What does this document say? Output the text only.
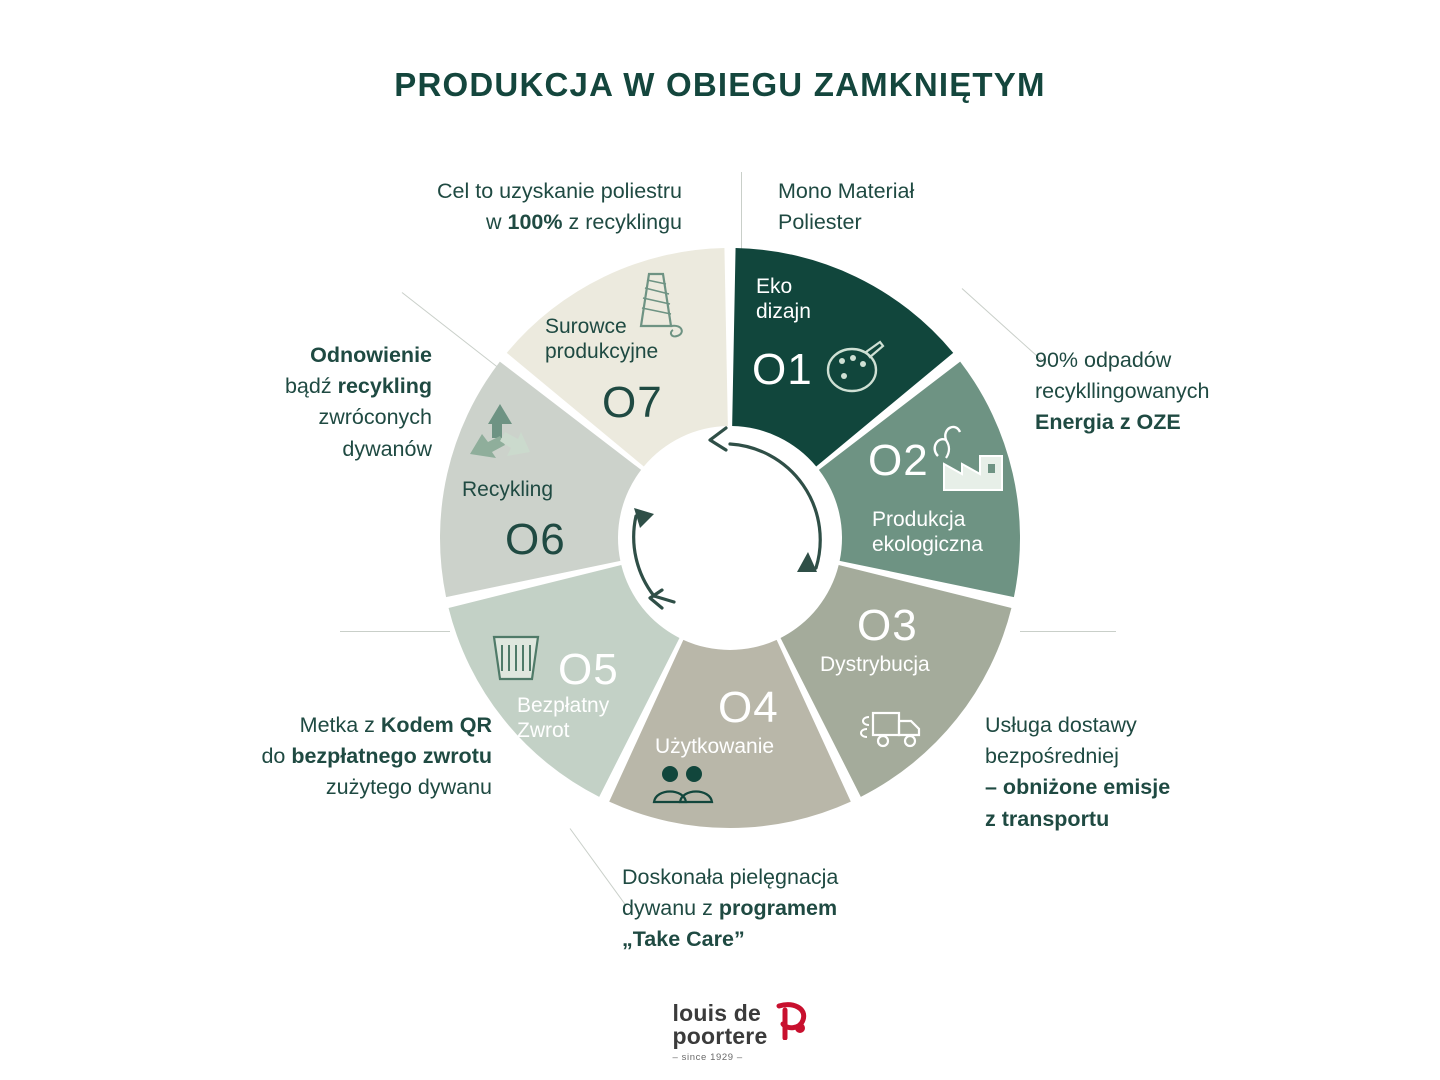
PRODUKCJA W OBIEGU ZAMKNIĘTYM
Eko
dizajn
O1
Produkcja
ekologiczna
O2
Dystrybucja
O3
Użytkowanie
O4
Bezpłatny
Zwrot
O5
Recykling
O6
Surowce
produkcyjne
O7
Mono Materiał
Poliester
90% odpadów
recykllingowanych
Energia z OZE
Usługa dostawy
bezpośredniej
– obniżone emisje
z transportu
Doskonała pielęgnacja
dywanu z programem
„Take Care”
Metka z Kodem QR
do bezpłatnego zwrotu
zużytego dywanu
Odnowienie
bądź recykling
zwróconych
dywanów
Cel to uzyskanie poliestru
w 100% z recyklingu
louis de
poortere
– since 1929 –
